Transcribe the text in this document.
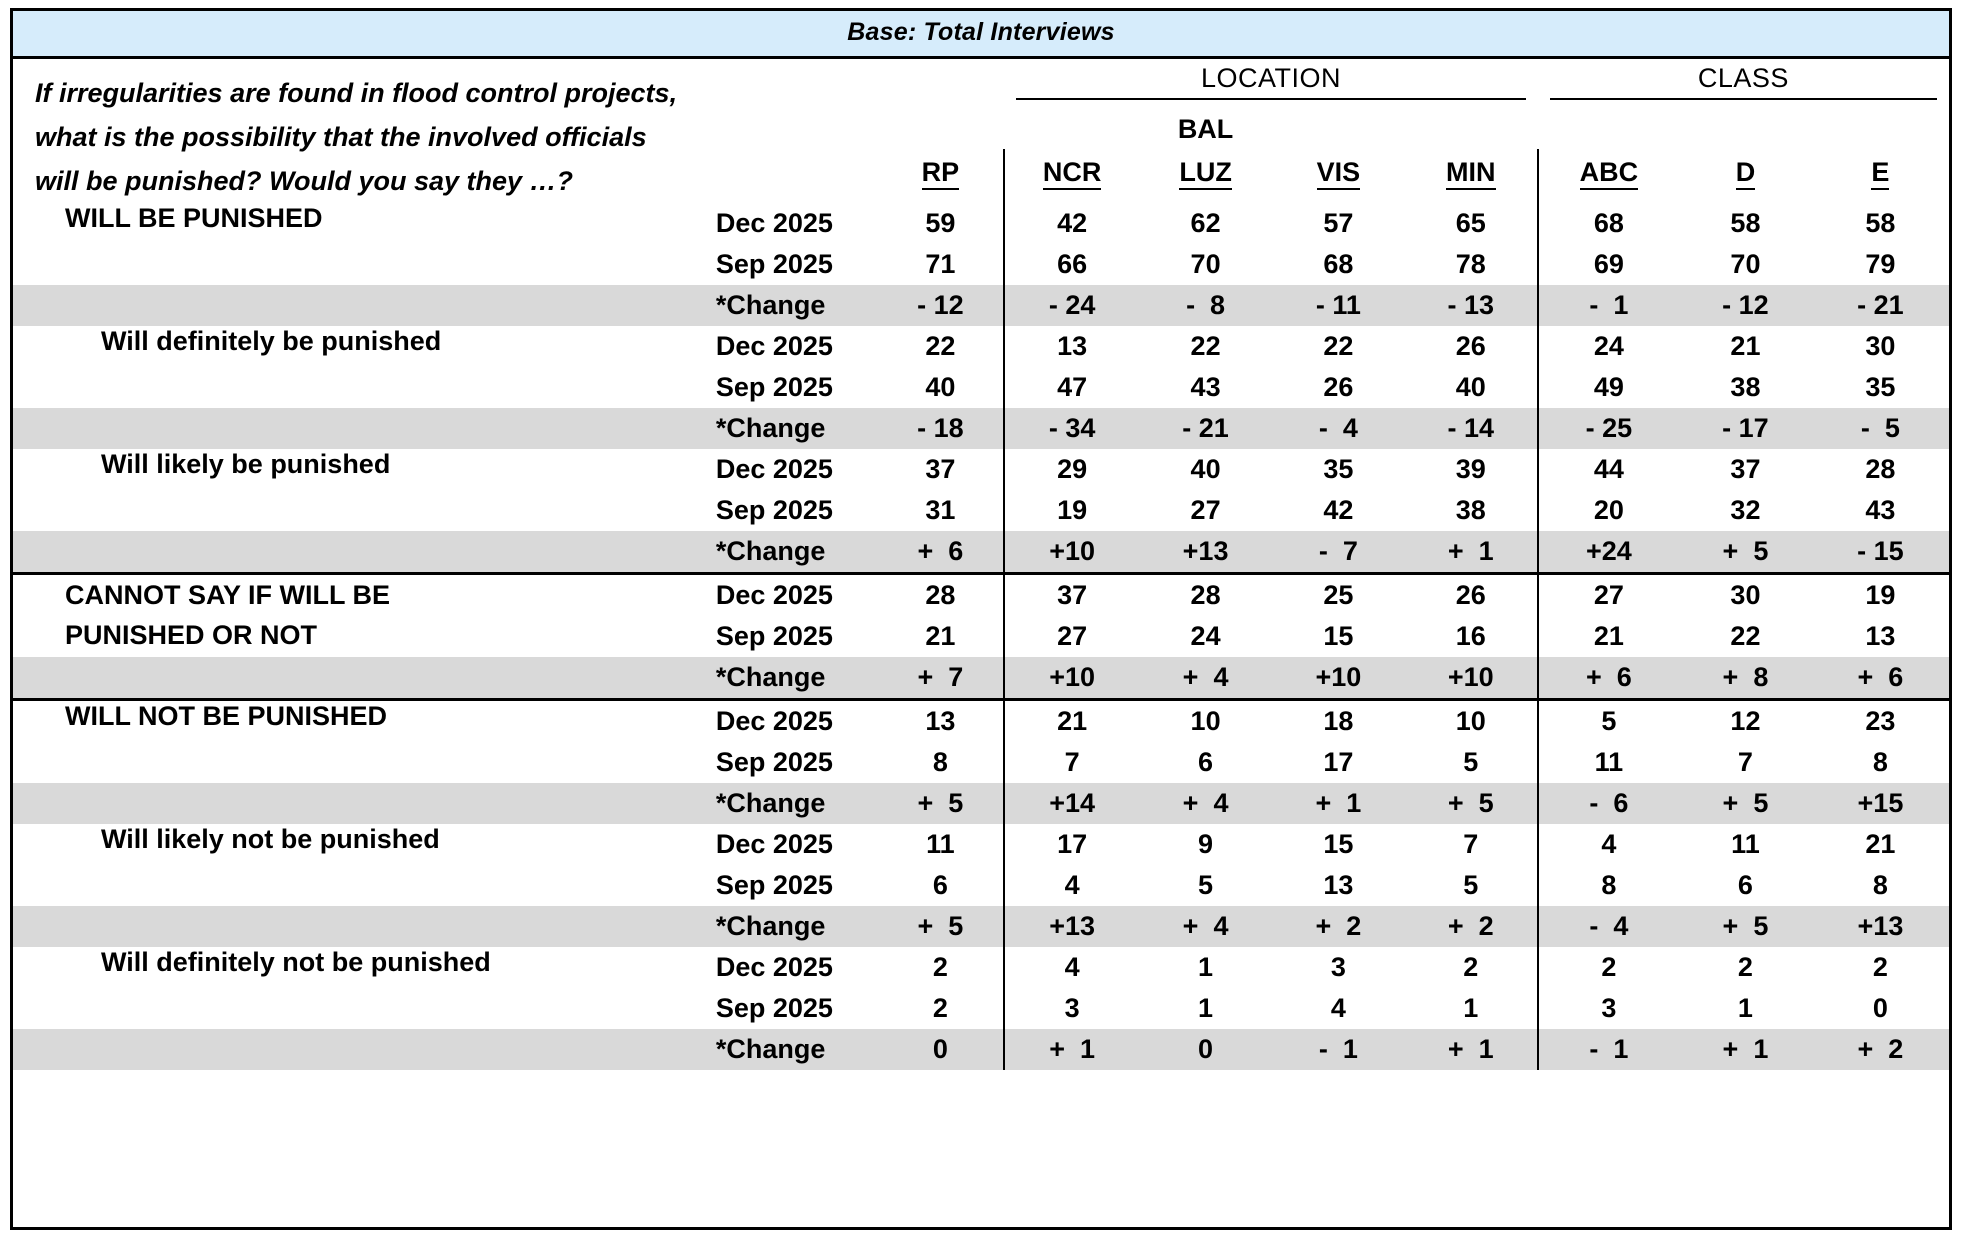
Base: Total Interviews
If irregularities are found in flood control projects,
what is the possibility that the involved officials
will be punished? Would you say they …?			LOCATION				CLASS		

				BAL					
		RP	NCR	LUZ	VIS	MIN	ABC	D	E
WILL BE PUNISHED	Dec 2025	59	42	62	57	65	68	58	58
	Sep 2025	71	66	70	68	78	69	70	79
	*Change	- 12	- 24	-  8	- 11	- 13	-  1	- 12	- 21
Will definitely be punished	Dec 2025	22	13	22	22	26	24	21	30
	Sep 2025	40	47	43	26	40	49	38	35
	*Change	- 18	- 34	- 21	-  4	- 14	- 25	- 17	-  5
Will likely be punished	Dec 2025	37	29	40	35	39	44	37	28
	Sep 2025	31	19	27	42	38	20	32	43
	*Change	+  6	+10	+13	-  7	+  1	+24	+  5	- 15

CANNOT SAY IF WILL BE
PUNISHED OR NOT	Dec 2025	28	37	28	25	26	27	30	19
	Sep 2025	21	27	24	15	16	21	22	13
	*Change	+  7	+10	+  4	+10	+10	+  6	+  8	+  6
WILL NOT BE PUNISHED	Dec 2025	13	21	10	18	10	5	12	23
	Sep 2025	8	7	6	17	5	11	7	8
	*Change	+  5	+14	+  4	+  1	+  5	-  6	+  5	+15
Will likely not be punished	Dec 2025	11	17	9	15	7	4	11	21
	Sep 2025	6	4	5	13	5	8	6	8
	*Change	+  5	+13	+  4	+  2	+  2	-  4	+  5	+13
Will definitely not be punished	Dec 2025	2	4	1	3	2	2	2	2
	Sep 2025	2	3	1	4	1	3	1	0
	*Change	0	+  1	0	-  1	+  1	-  1	+  1	+  2
